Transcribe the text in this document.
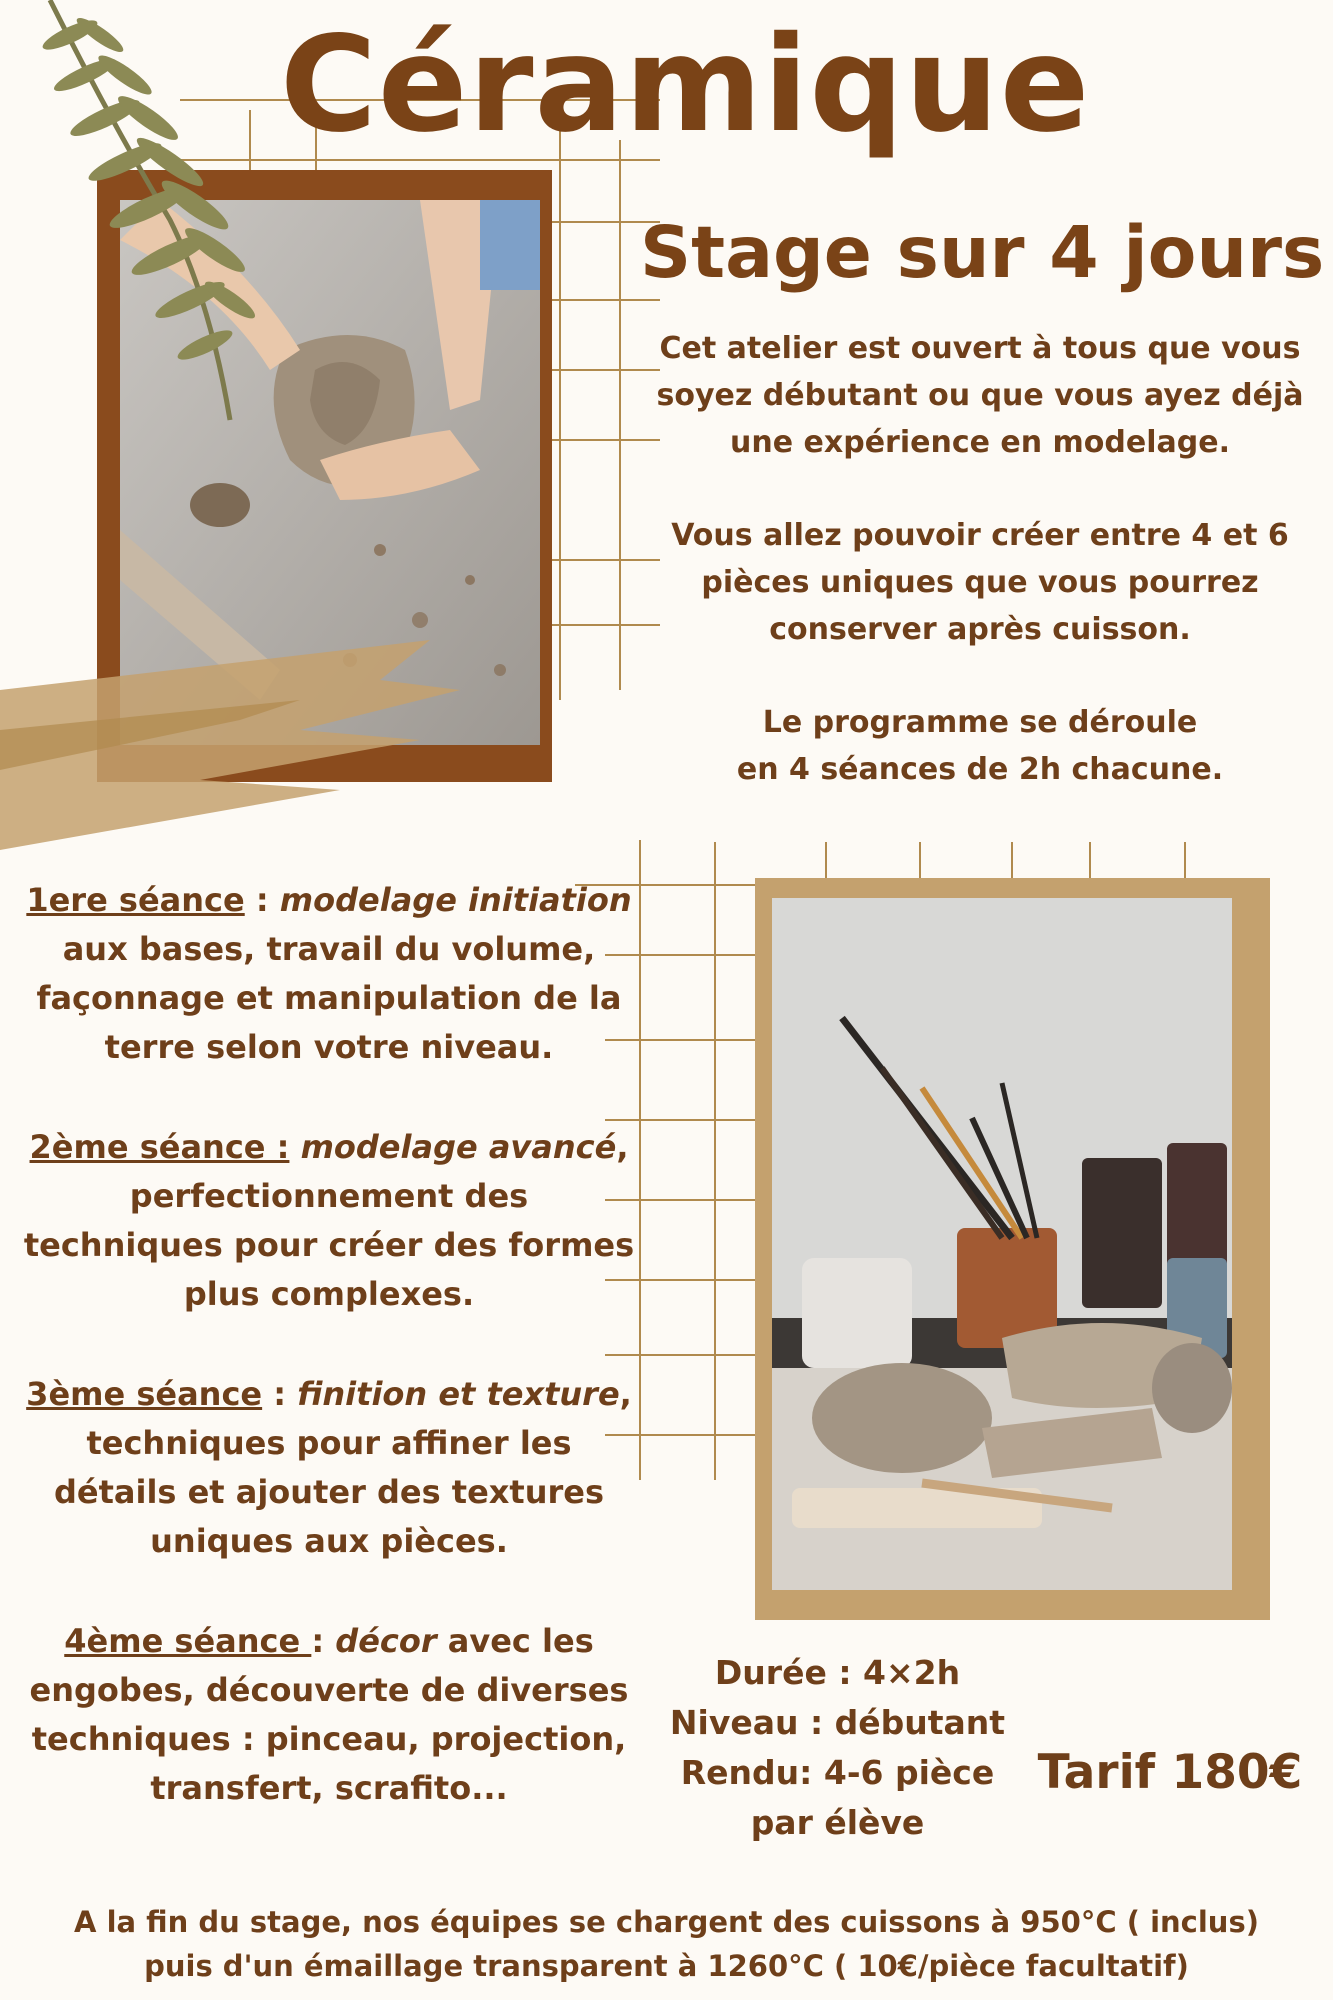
Céramique
Stage sur 4 jours
Cet atelier est ouvert à tous que vous
soyez débutant ou que vous ayez déjà
une expérience en modelage.
Vous allez pouvoir créer entre 4 et 6
pièces uniques que vous pourrez
conserver après cuisson.
Le programme se déroule
en 4 séances de 2h chacune.
1ere séance : modelage initiation
aux bases, travail du volume,
façonnage et manipulation de la
terre selon votre niveau.
2ème séance : modelage avancé,
perfectionnement des
techniques pour créer des formes
plus complexes.
3ème séance : finition et texture,
techniques pour affiner les
détails et ajouter des textures
uniques aux pièces.
4ème séance : décor avec les
engobes, découverte de diverses
techniques : pinceau, projection,
transfert, scrafito...
Durée : 4×2h
Niveau : débutant
Rendu: 4-6 pièce
par élève
Tarif 180€
A la fin du stage, nos équipes se chargent des cuissons à 950°C ( inclus)
puis d'un émaillage transparent à 1260°C ( 10€/pièce facultatif)
